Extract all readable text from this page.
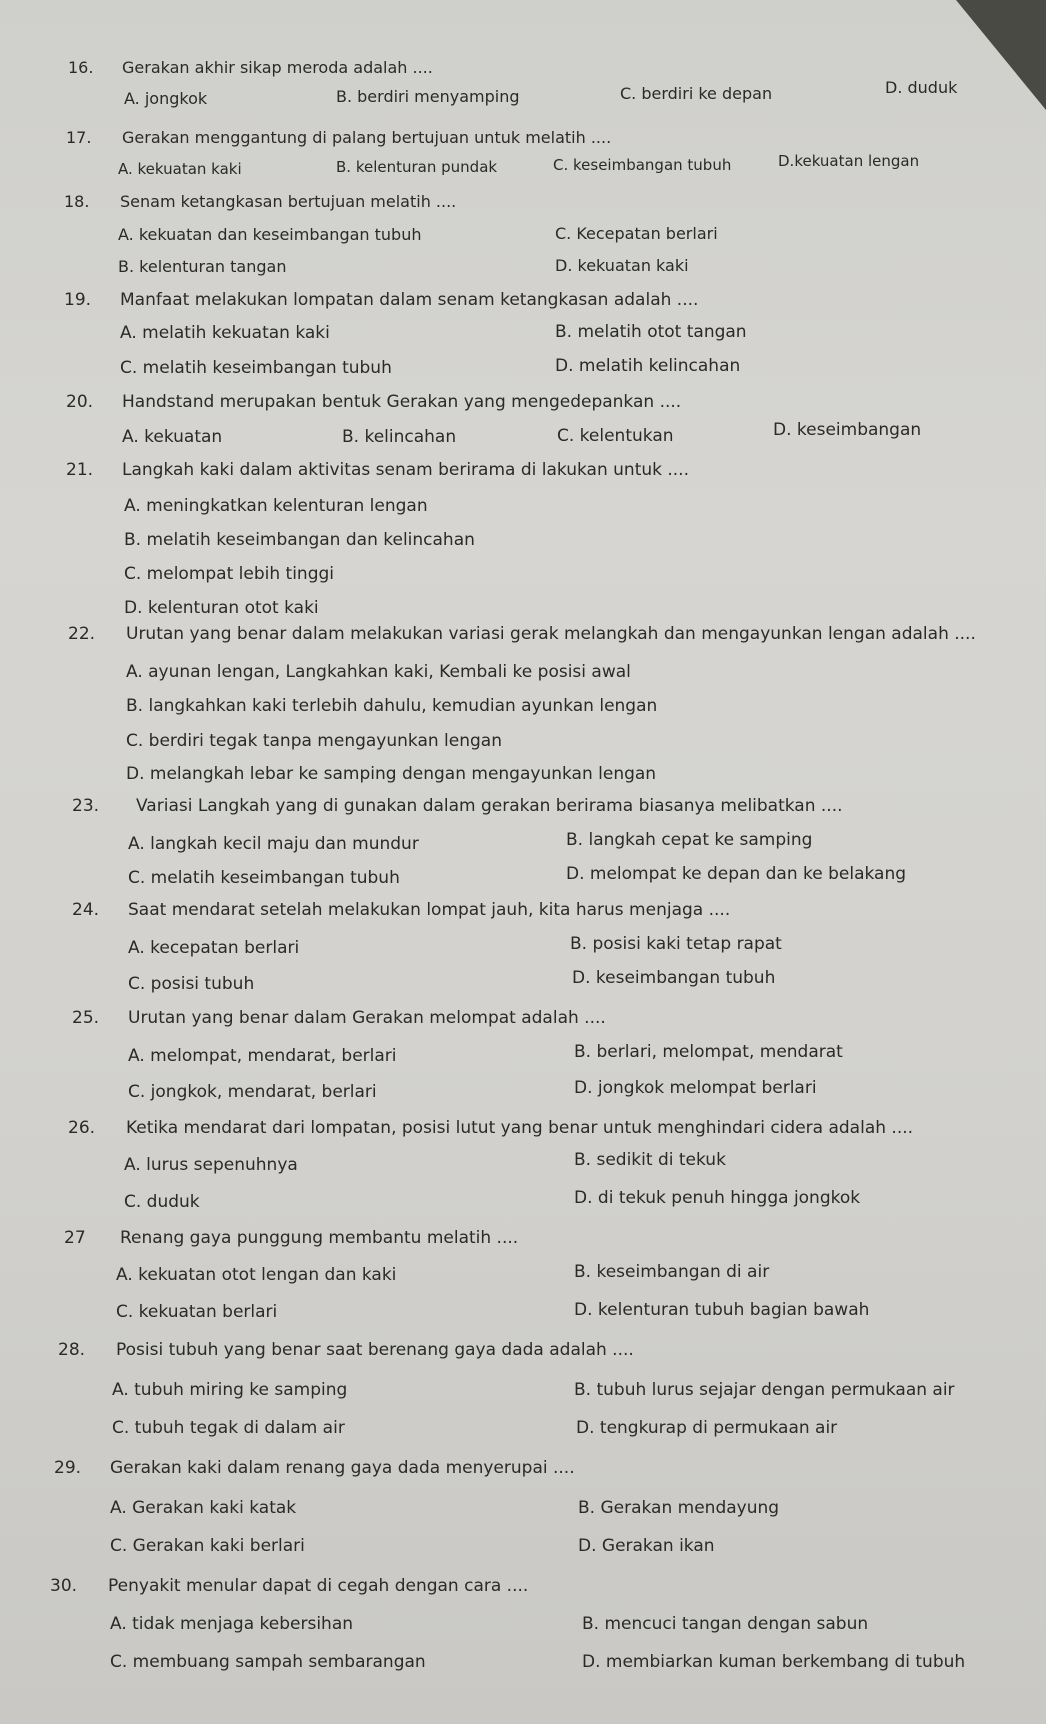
16. Gerakan akhir sikap meroda adalah ....
A. jongkok	B. berdiri menyamping	C. berdiri ke depan	D. duduk
17. Gerakan menggantung di palang bertujuan untuk melatih ....
A. kekuatan kaki	B. kelenturan pundak	C. keseimbangan tubuh	D.kekuatan lengan
18. Senam ketangkasan bertujuan melatih ....
A. kekuatan dan keseimbangan tubuh	C. Kecepatan berlari
B. kelenturan tangan	D. kekuatan kaki
19. Manfaat melakukan lompatan dalam senam ketangkasan adalah ....
A. melatih kekuatan kaki	B. melatih otot tangan
C. melatih keseimbangan tubuh	D. melatih kelincahan
20. Handstand merupakan bentuk Gerakan yang mengedepankan ....
A. kekuatan	B. kelincahan	C. kelentukan	D. keseimbangan
21. Langkah kaki dalam aktivitas senam berirama di lakukan untuk ....
A. meningkatkan kelenturan lengan
B. melatih keseimbangan dan kelincahan
C. melompat lebih tinggi
D. kelenturan otot kaki
22. Urutan yang benar dalam melakukan variasi gerak melangkah dan mengayunkan lengan adalah ....
A. ayunan lengan, Langkahkan kaki, Kembali ke posisi awal
B. langkahkan kaki terlebih dahulu, kemudian ayunkan lengan
C. berdiri tegak tanpa mengayunkan lengan
D. melangkah lebar ke samping dengan mengayunkan lengan
23. Variasi Langkah yang di gunakan dalam gerakan berirama biasanya melibatkan ....
A. langkah kecil maju dan mundur	B. langkah cepat ke samping
C. melatih keseimbangan tubuh	D. melompat ke depan dan ke belakang
24. Saat mendarat setelah melakukan lompat jauh, kita harus menjaga ....
A. kecepatan berlari	B. posisi kaki tetap rapat
C. posisi tubuh	D. keseimbangan tubuh
25. Urutan yang benar dalam Gerakan melompat adalah ....
A. melompat, mendarat, berlari	B. berlari, melompat, mendarat
C. jongkok, mendarat, berlari	D. jongkok melompat berlari
26. Ketika mendarat dari lompatan, posisi lutut yang benar untuk menghindari cidera adalah ....
A. lurus sepenuhnya	B. sedikit di tekuk
C. duduk	D. di tekuk penuh hingga jongkok
27 Renang gaya punggung membantu melatih ....
A. kekuatan otot lengan dan kaki	B. keseimbangan di air
C. kekuatan berlari	D. kelenturan tubuh bagian bawah
28. Posisi tubuh yang benar saat berenang gaya dada adalah ....
A. tubuh miring ke samping	B. tubuh lurus sejajar dengan permukaan air
C. tubuh tegak di dalam air	D. tengkurap di permukaan air
29. Gerakan kaki dalam renang gaya dada menyerupai ....
A. Gerakan kaki katak	B. Gerakan mendayung
C. Gerakan kaki berlari	D. Gerakan ikan
30. Penyakit menular dapat di cegah dengan cara ....
A. tidak menjaga kebersihan	B. mencuci tangan dengan sabun
C. membuang sampah sembarangan	D. membiarkan kuman berkembang di tubuh
